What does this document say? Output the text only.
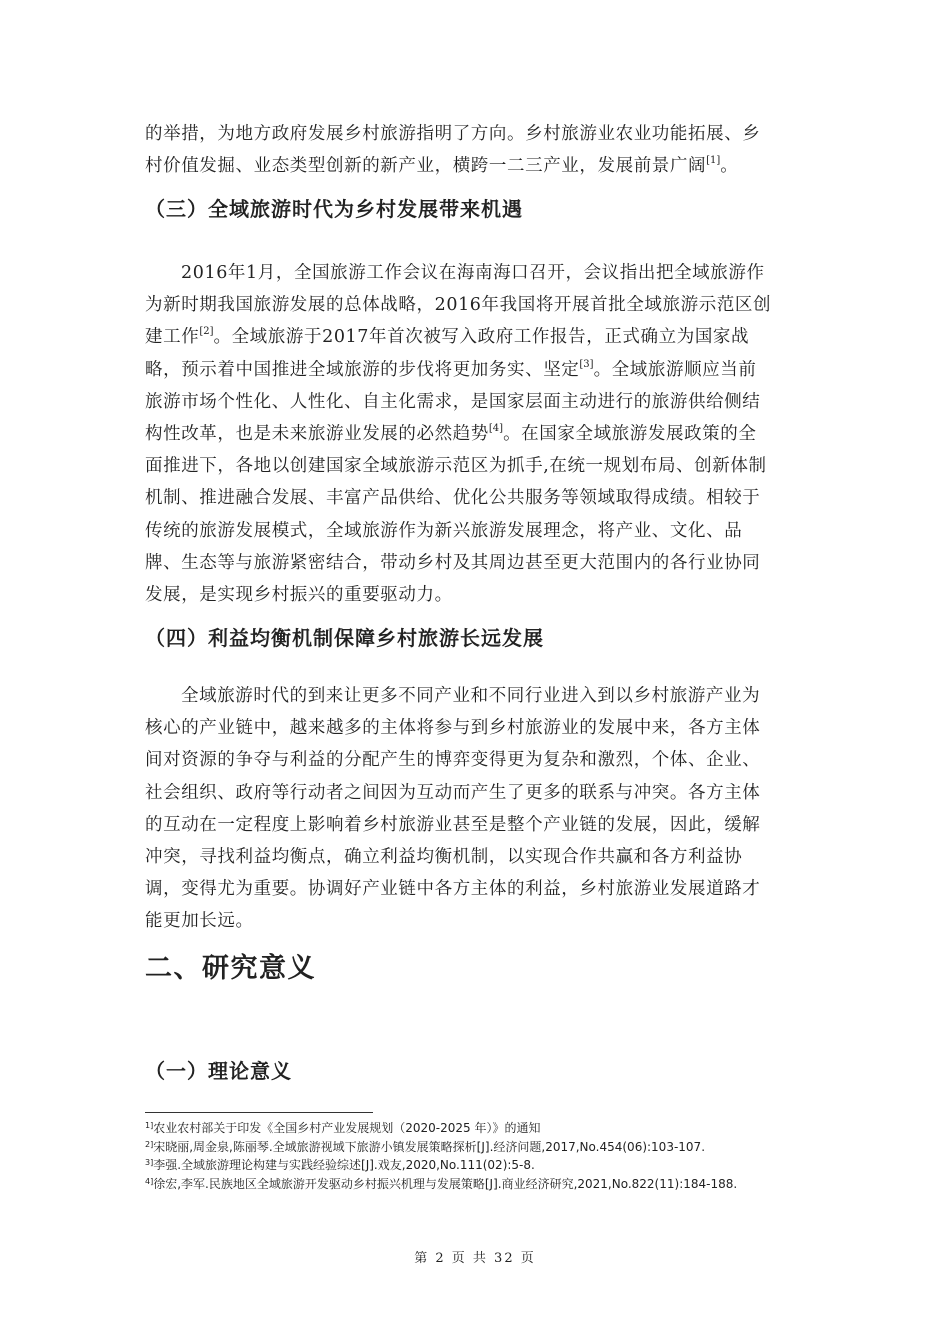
的举措，为地方政府发展乡村旅游指明了方向。乡村旅游业农业功能拓展、乡
村价值发掘、业态类型创新的新产业，横跨一二三产业，发展前景广阔[1]。

（三）全域旅游时代为乡村发展带来机遇

2016年1月，全国旅游工作会议在海南海口召开，会议指出把全域旅游作
为新时期我国旅游发展的总体战略，2016年我国将开展首批全域旅游示范区创
建工作[2]。全域旅游于2017年首次被写入政府工作报告，正式确立为国家战
略，预示着中国推进全域旅游的步伐将更加务实、坚定[3]。全域旅游顺应当前
旅游市场个性化、人性化、自主化需求，是国家层面主动进行的旅游供给侧结
构性改革，也是未来旅游业发展的必然趋势[4]。在国家全域旅游发展政策的全
面推进下，各地以创建国家全域旅游示范区为抓手,在统一规划布局、创新体制
机制、推进融合发展、丰富产品供给、优化公共服务等领域取得成绩。相较于
传统的旅游发展模式，全域旅游作为新兴旅游发展理念，将产业、文化、品
牌、生态等与旅游紧密结合，带动乡村及其周边甚至更大范围内的各行业协同
发展，是实现乡村振兴的重要驱动力。

（四）利益均衡机制保障乡村旅游长远发展

全域旅游时代的到来让更多不同产业和不同行业进入到以乡村旅游产业为
核心的产业链中，越来越多的主体将参与到乡村旅游业的发展中来，各方主体
间对资源的争夺与利益的分配产生的博弈变得更为复杂和激烈，个体、企业、
社会组织、政府等行动者之间因为互动而产生了更多的联系与冲突。各方主体
的互动在一定程度上影响着乡村旅游业甚至是整个产业链的发展，因此，缓解
冲突，寻找利益均衡点，确立利益均衡机制，以实现合作共赢和各方利益协
调，变得尤为重要。协调好产业链中各方主体的利益，乡村旅游业发展道路才
能更加长远。

二、研究意义
（一）理论意义
$^{1]}$农业农村部关于印发《全国乡村产业发展规划（2020-2025 年）》的通知
$^{2]}$宋晓丽,周金泉,陈丽琴.全域旅游视域下旅游小镇发展策略探析[J].经济问题,2017,No.454(06):103-107.
$^{3]}$李强.全域旅游理论构建与实践经验综述[J].戏友,2020,No.111(02):5-8.
$^{4]}$徐宏,李军.民族地区全域旅游开发驱动乡村振兴机理与发展策略[J].商业经济研究,2021,No.822(11):184-188.
第 2 页 共 32 页
